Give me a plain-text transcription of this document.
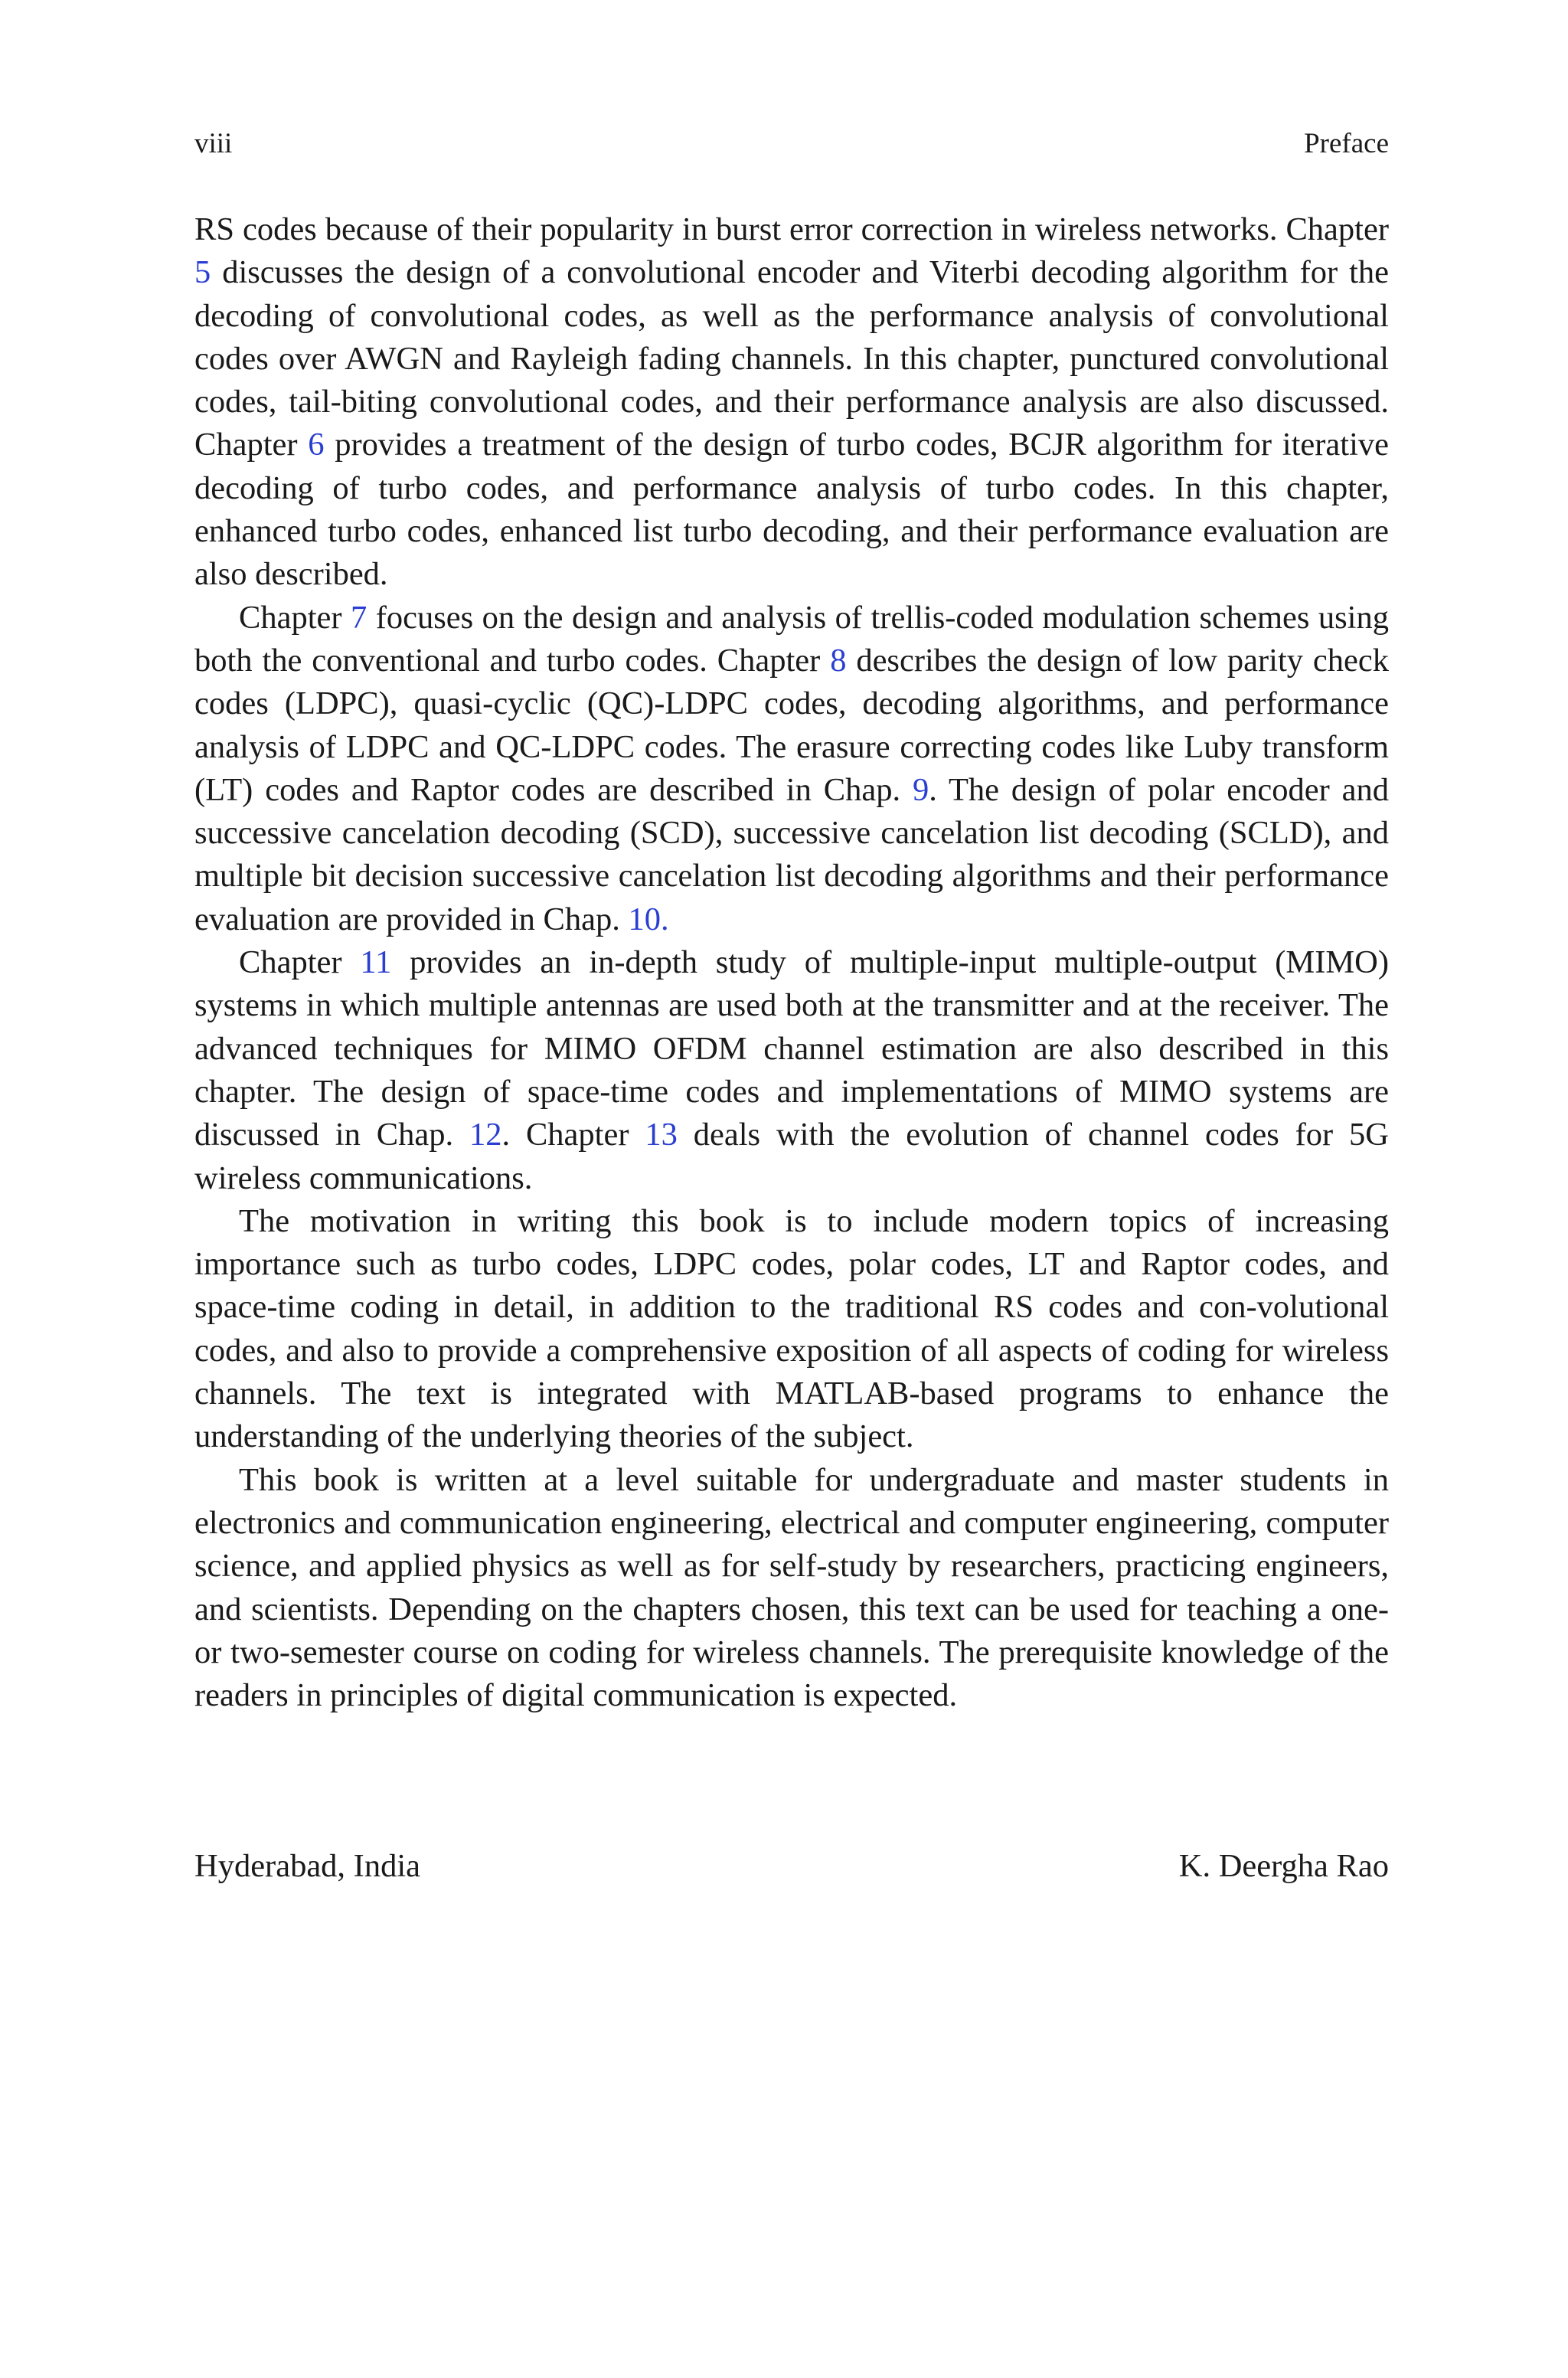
viii	Preface

RS codes because of their popularity in burst error correction in wireless networks. Chapter 5 discusses the design of a convolutional encoder and Viterbi decoding algorithm for the decoding of convolutional codes, as well as the performance analysis of convolutional codes over AWGN and Rayleigh fading channels. In this chapter, punctured convolutional codes, tail-biting convolutional codes, and their performance analysis are also discussed. Chapter 6 provides a treatment of the design of turbo codes, BCJR algorithm for iterative decoding of turbo codes, and performance analysis of turbo codes. In this chapter, enhanced turbo codes, enhanced list turbo decoding, and their performance evaluation are also described.

Chapter 7 focuses on the design and analysis of trellis-coded modulation schemes using both the conventional and turbo codes. Chapter 8 describes the design of low parity check codes (LDPC), quasi-cyclic (QC)-LDPC codes, decoding algorithms, and performance analysis of LDPC and QC-LDPC codes. The erasure correcting codes like Luby transform (LT) codes and Raptor codes are described in Chap. 9. The design of polar encoder and successive cancelation decoding (SCD), successive cancelation list decoding (SCLD), and multiple bit decision successive cancelation list decoding algorithms and their performance evaluation are provided in Chap. 10.

Chapter 11 provides an in-depth study of multiple-input multiple-output (MIMO) systems in which multiple antennas are used both at the transmitter and at the receiver. The advanced techniques for MIMO OFDM channel estimation are also described in this chapter. The design of space-time codes and implementations of MIMO systems are discussed in Chap. 12. Chapter 13 deals with the evolution of channel codes for 5G wireless communications.

The motivation in writing this book is to include modern topics of increasing importance such as turbo codes, LDPC codes, polar codes, LT and Raptor codes, and space-time coding in detail, in addition to the traditional RS codes and con-volutional codes, and also to provide a comprehensive exposition of all aspects of coding for wireless channels. The text is integrated with MATLAB-based programs to enhance the understanding of the underlying theories of the subject.

This book is written at a level suitable for undergraduate and master students in electronics and communication engineering, electrical and computer engineering, computer science, and applied physics as well as for self-study by researchers, practicing engineers, and scientists. Depending on the chapters chosen, this text can be used for teaching a one- or two-semester course on coding for wireless channels. The prerequisite knowledge of the readers in principles of digital communication is expected.

Hyderabad, India	K. Deergha Rao
